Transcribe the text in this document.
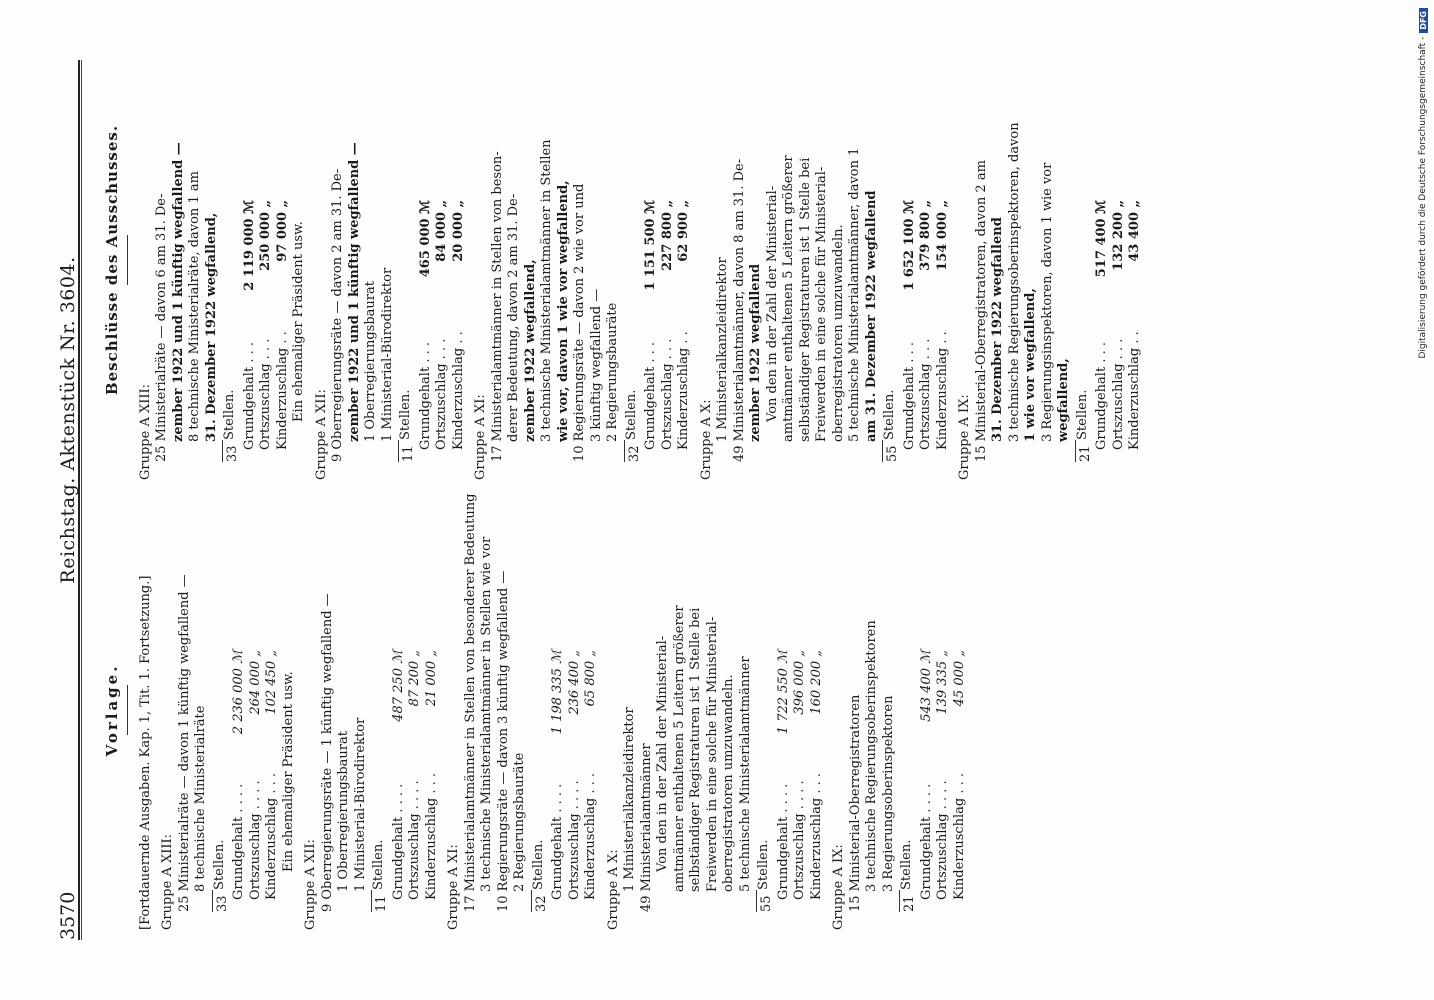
3570
Reichstag. Aktenstück Nr. 3604.
Vorlage. [Fortdauernde Ausgaben. Kap. 1, Tit. 1. Fortsetzung.] Gruppe A XIII: 25 Ministerialräte — davon 1 künftig wegfallend — 8 technische Ministerialräte
33
Stellen. Grundgehalt . . . .
2 236 000 ℳ
Ortszuschlag . . . .
264 000 „
Kinderzuschlag . . .
102 450 „ Ein ehemaliger Präsident usw.
Gruppe A XII: 9 Oberregierungsräte — 1 künftig wegfallend — 1 Oberregierungsbaurat 1 Ministerial-Bürodirektor
11
Stellen. Grundgehalt . . . .
487 250 ℳ
Ortszuschlag . . . .
87 200 „
Kinderzuschlag . . .
21 000 „
Gruppe A XI: 17 Ministerialamtmänner in Stellen von besonderer Bedeutung 3 technische Ministerialamtmänner in Stellen wie vor 10 Regierungsräte — davon 3 künftig wegfallend — 2 Regierungsbauräte
32
Stellen. Grundgehalt . . . .
1 198 335 ℳ
Ortszuschlag . . . .
236 400 „
Kinderzuschlag . . .
65 800 „
Gruppe A X: 1 Ministerialkanzleidirektor 49 Ministerialamtmänner Von den in der Zahl der Ministerial- amtmänner enthaltenen 5 Leitern größerer selbständiger Registraturen ist 1 Stelle bei Freiwerden in eine solche für Ministerial- oberregistratoren umzuwandeln. 5 technische Ministerialamtmänner
55
Stellen. Grundgehalt . . . .
1 722 550 ℳ
Ortszuschlag . . . .
396 000 „
Kinderzuschlag . . .
160 200 „
Gruppe A IX: 15 Ministerial-Oberregistratoren 3 technische Regierungsoberinspektoren 3 Regierungsoberinspektoren
21
Stellen. Grundgehalt . . . .
543 400 ℳ
Ortszuschlag . . . .
139 335 „
Kinderzuschlag . . .
45 000 „
Beschlüsse des Ausschusses.
Gruppe A XIII: 25 Ministerialräte — davon 6 am 31. De- zember 1922 und 1 künftig wegfallend — 8 technische Ministerialräte, davon 1 am 31. Dezember 1922 wegfallend,
33
Stellen. Grundgehalt . . .
2 119 000 ℳ
Ortszuschlag . . .
250 000 „
Kinderzuschlag . .
97 000 „ Ein ehemaliger Präsident usw.
Gruppe A XII: 9 Oberregierungsräte — davon 2 am 31. De- zember 1922 und 1 künftig wegfallend — 1 Oberregierungsbaurat 1 Ministerial-Bürodirektor
11
Stellen. Grundgehalt . . .
465 000 ℳ
Ortszuschlag . . .
84 000 „
Kinderzuschlag . .
20 000 „
Gruppe A XI: 17 Ministerialamtmänner in Stellen von beson- derer Bedeutung, davon 2 am 31. De- zember 1922 wegfallend, 3 technische Ministerialamtmänner in Stellen wie vor, davon 1 wie vor wegfallend, 10 Regierungsräte — davon 2 wie vor und 3 künftig wegfallend — 2 Regierungsbauräte
32
Stellen. Grundgehalt . . .
1 151 500 ℳ
Ortszuschlag . . .
227 800 „
Kinderzuschlag . .
62 900 „
Gruppe A X: 1 Ministerialkanzleidirektor 49 Ministerialamtmänner, davon 8 am 31. De- zember 1922 wegfallend Von den in der Zahl der Ministerial- amtmänner enthaltenen 5 Leitern größerer selbständiger Registraturen ist 1 Stelle bei Freiwerden in eine solche für Ministerial- oberregistratoren umzuwandeln. 5 technische Ministerialamtmänner, davon 1 am 31. Dezember 1922 wegfallend
55
Stellen. Grundgehalt . . .
1 652 100 ℳ
Ortszuschlag . . .
379 800 „
Kinderzuschlag . .
154 000 „
Gruppe A IX: 15 Ministerial-Oberregistratoren, davon 2 am 31. Dezember 1922 wegfallend 3 technische Regierungsoberinspektoren, davon 1 wie vor wegfallend, 3 Regierungsinspektoren, davon 1 wie vor wegfallend,
21
Stellen. Grundgehalt . . .
517 400 ℳ
Ortszuschlag . . .
132 200 „
Kinderzuschlag . .
43 400 „	Digitalisierung gefördert durch die Deutsche Forschungsgemeinschaft -
DFG
